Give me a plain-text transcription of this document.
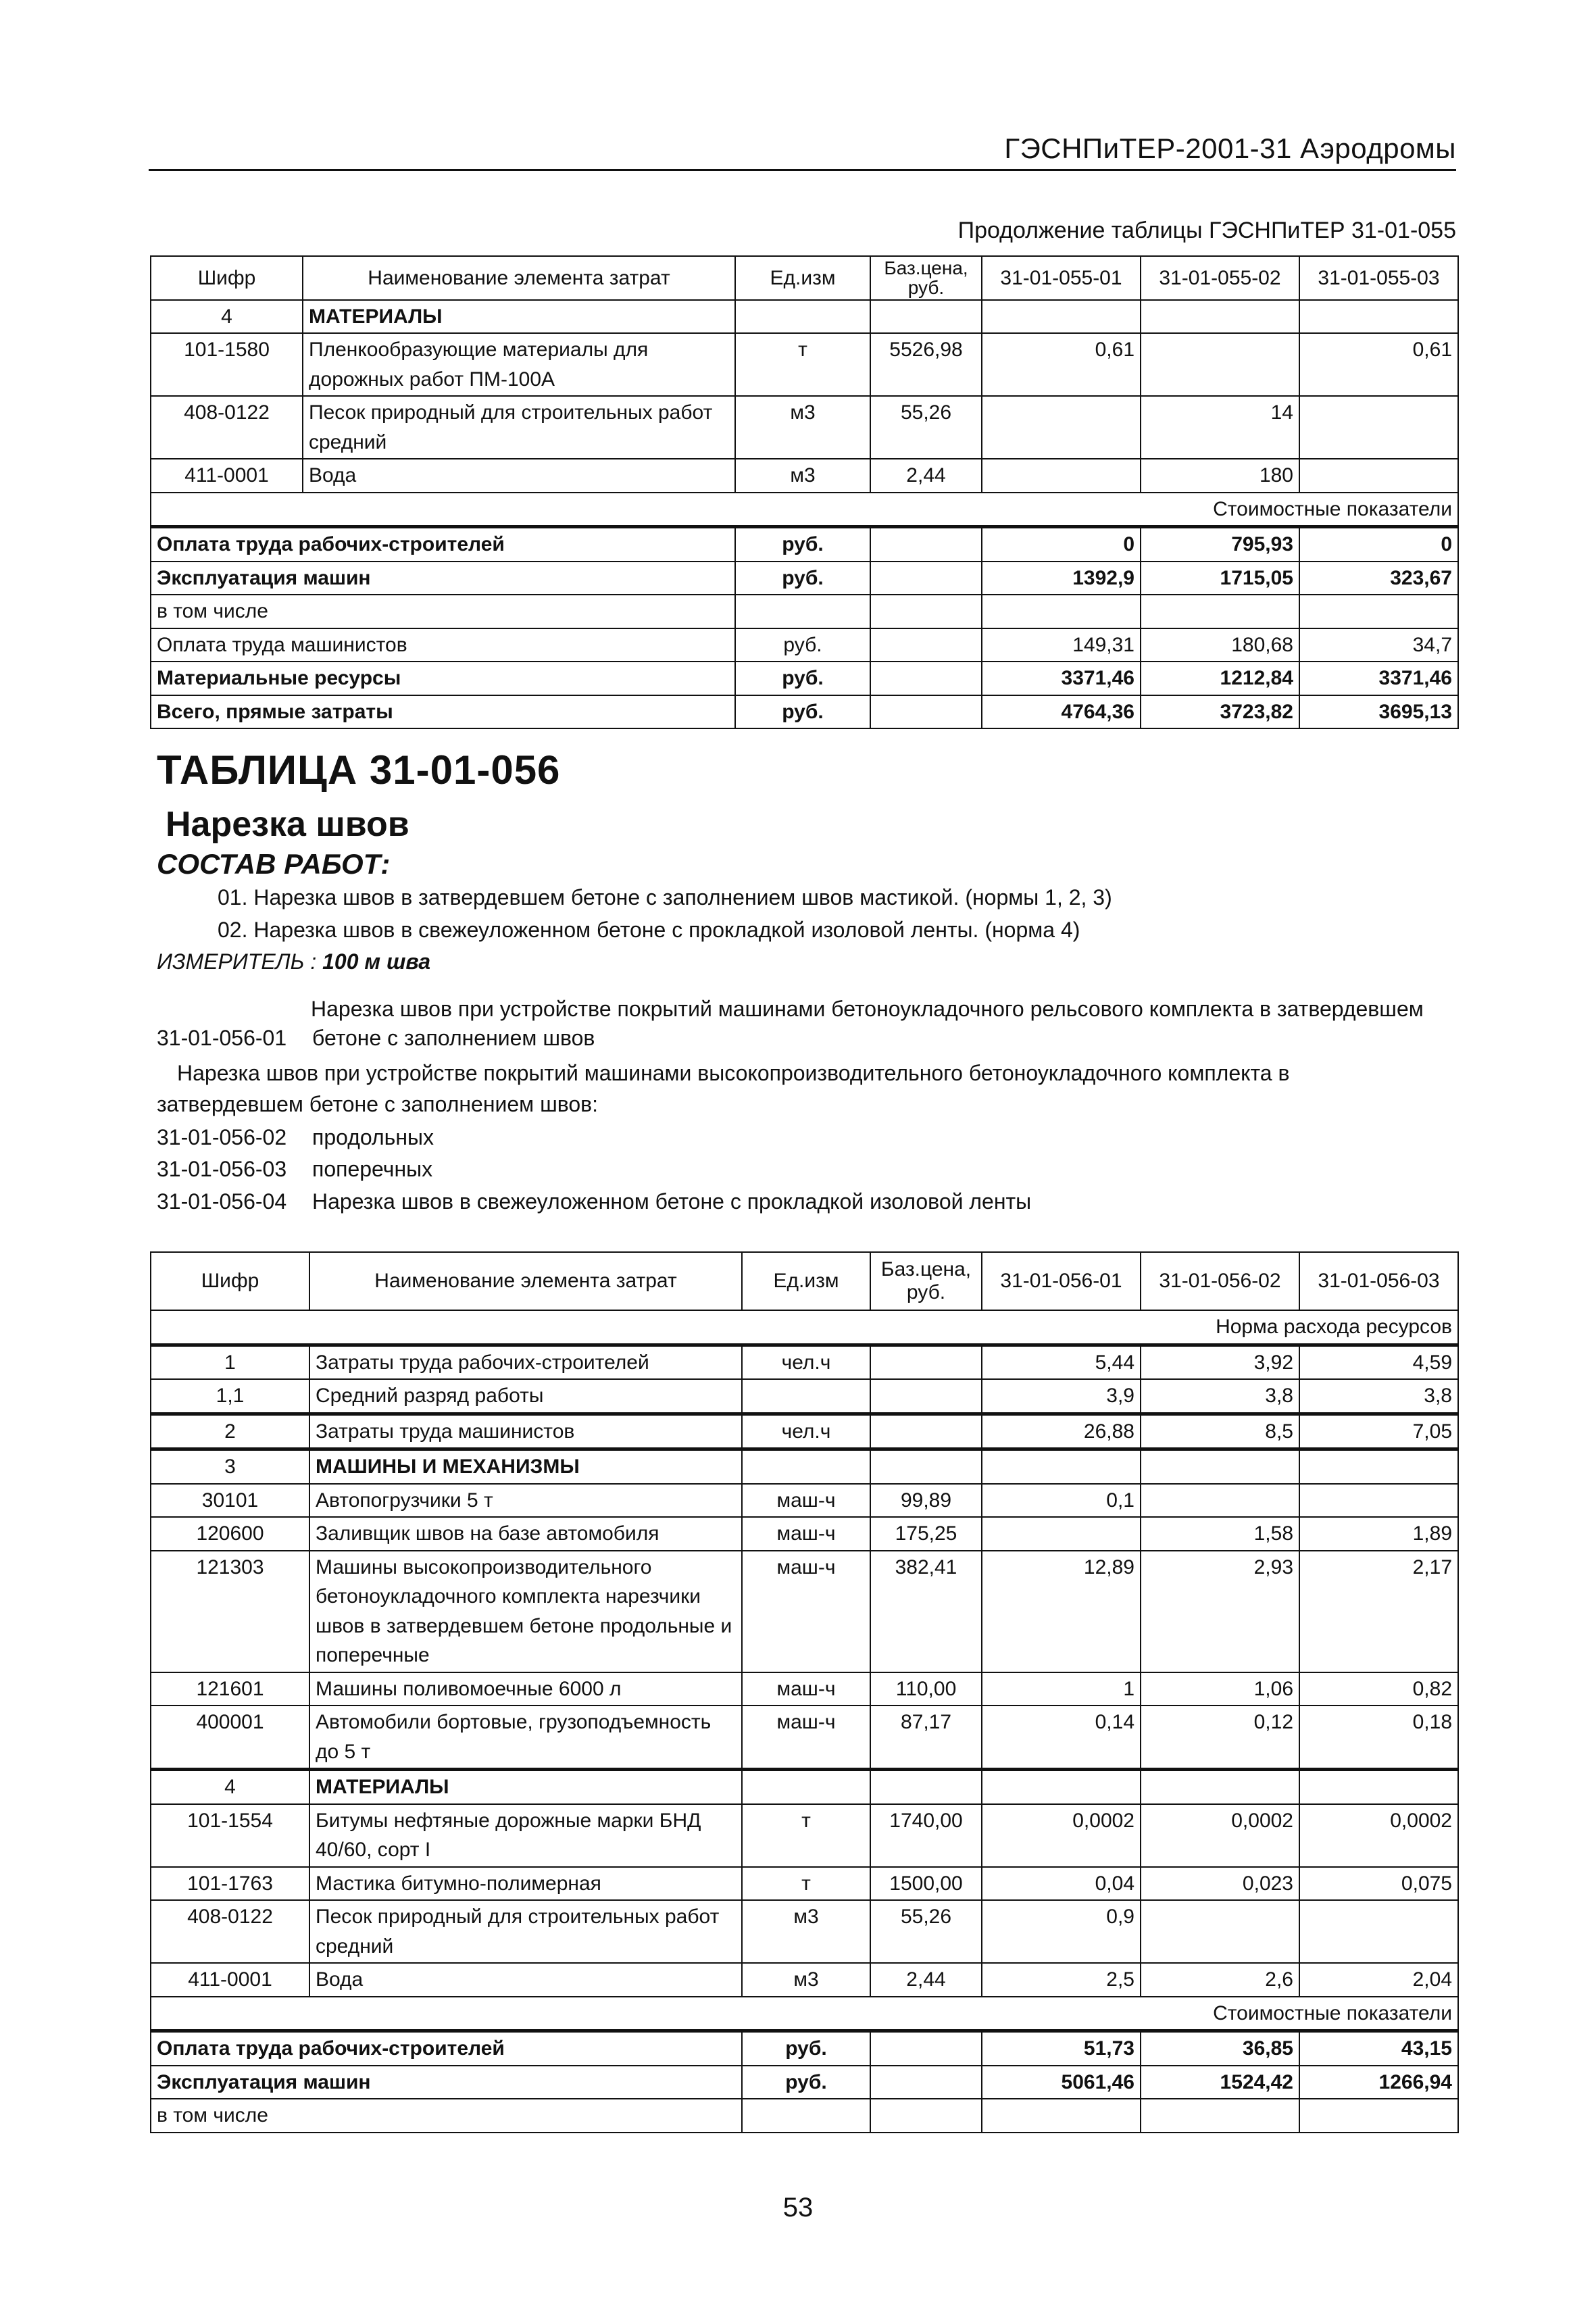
ГЭСНПиТЕР-2001-31 Аэродромы
Продолжение таблицы ГЭСНПиТЕР 31-01-055
Шифр	Наименование элемента затрат	Ед.изм	Баз.цена, руб.	31-01-055-01	31-01-055-02	31-01-055-03
4	МАТЕРИАЛЫ					
101-1580	Пленкообразующие материалы для дорожных работ ПМ-100А	т	5526,98	0,61		0,61
408-0122	Песок природный для строительных работ средний	м3	55,26		14	
411-0001	Вода	м3	2,44		180	
Стоимостные показатели						
Оплата труда рабочих-строителей		руб.		0	795,93	0
Эксплуатация машин		руб.		1392,9	1715,05	323,67
в том числе						
Оплата труда машинистов		руб.		149,31	180,68	34,7
Материальные ресурсы		руб.		3371,46	1212,84	3371,46
Всего, прямые затраты		руб.		4764,36	3723,82	3695,13
ТАБЛИЦА 31-01-056
Нарезка швов
СОСТАВ РАБОТ:
01. Нарезка швов в затвердевшем бетоне с заполнением швов мастикой. (нормы 1, 2, 3)
02. Нарезка швов в свежеуложенном бетоне с прокладкой изоловой ленты. (норма 4)
ИЗМЕРИТЕЛЬ : 100 м шва
Нарезка швов при устройстве покрытий машинами бетоноукладочного рельсового комплекта в затвердевшем
31-01-056-01 бетоне с заполнением швов
Нарезка швов при устройстве покрытий машинами высокопроизводительного бетоноукладочного комплекта в затвердевшем бетоне с заполнением швов:
31-01-056-02 продольных
31-01-056-03 поперечных
31-01-056-04 Нарезка швов в свежеуложенном бетоне с прокладкой изоловой ленты
Шифр	Наименование элемента затрат	Ед.изм	Баз.цена, руб.	31-01-056-01	31-01-056-02	31-01-056-03
Норма расхода ресурсов						
1	Затраты труда рабочих-строителей	чел.ч		5,44	3,92	4,59
1,1	Средний разряд работы			3,9	3,8	3,8
2	Затраты труда машинистов	чел.ч		26,88	8,5	7,05
3	МАШИНЫ И МЕХАНИЗМЫ					
30101	Автопогрузчики 5 т	маш-ч	99,89	0,1		
120600	Заливщик швов на базе автомобиля	маш-ч	175,25		1,58	1,89
121303	Машины высокопроизводительного бетоноукладочного комплекта нарезчики швов в затвердевшем бетоне продольные и поперечные	маш-ч	382,41	12,89	2,93	2,17
121601	Машины поливомоечные 6000 л	маш-ч	110,00	1	1,06	0,82
400001	Автомобили бортовые, грузоподъемность до 5 т	маш-ч	87,17	0,14	0,12	0,18
4	МАТЕРИАЛЫ					
101-1554	Битумы нефтяные дорожные марки БНД 40/60, сорт I	т	1740,00	0,0002	0,0002	0,0002
101-1763	Мастика битумно-полимерная	т	1500,00	0,04	0,023	0,075
408-0122	Песок природный для строительных работ средний	м3	55,26	0,9		
411-0001	Вода	м3	2,44	2,5	2,6	2,04
Стоимостные показатели						
Оплата труда рабочих-строителей		руб.		51,73	36,85	43,15
Эксплуатация машин		руб.		5061,46	1524,42	1266,94
в том числе						
53
